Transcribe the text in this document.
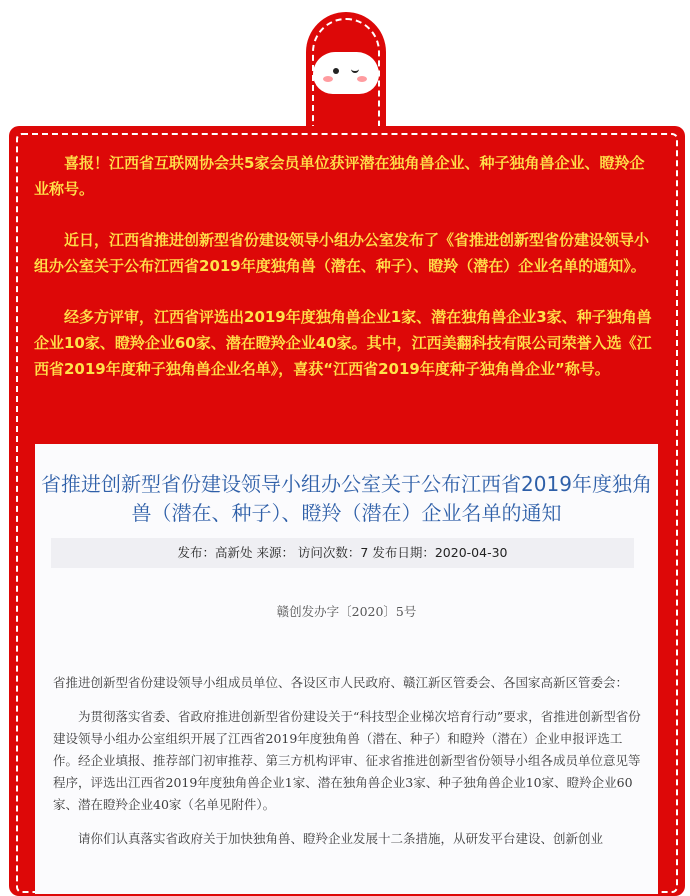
喜报！江西省互联网协会共5家会员单位获评潜在独角兽企业、种子独角兽企业、瞪羚企业称号。

近日，江西省推进创新型省份建设领导小组办公室发布了《省推进创新型省份建设领导小组办公室关于公布江西省2019年度独角兽（潜在、种子）、瞪羚（潜在）企业名单的通知》。

经多方评审，江西省评选出2019年度独角兽企业1家、潜在独角兽企业3家、种子独角兽企业10家、瞪羚企业60家、潜在瞪羚企业40家。其中，江西美翻科技有限公司荣誉入选《江西省2019年度种子独角兽企业名单》，喜获“江西省2019年度种子独角兽企业”称号。

省推进创新型省份建设领导小组办公室关于公布江西省2019年度独角兽（潜在、种子）、瞪羚（潜在）企业名单的通知
发布：高新处 来源： 访问次数：7 发布日期：2020-04-30
赣创发办字〔2020〕5号

省推进创新型省份建设领导小组成员单位、各设区市人民政府、赣江新区管委会、各国家高新区管委会：

为贯彻落实省委、省政府推进创新型省份建设关于“科技型企业梯次培育行动”要求，省推进创新型省份建设领导小组办公室组织开展了江西省2019年度独角兽（潜在、种子）和瞪羚（潜在）企业申报评选工作。经企业填报、推荐部门初审推荐、第三方机构评审、征求省推进创新型省份领导小组各成员单位意见等程序，评选出江西省2019年度独角兽企业1家、潜在独角兽企业3家、种子独角兽企业10家、瞪羚企业60家、潜在瞪羚企业40家（名单见附件）。

请你们认真落实省政府关于加快独角兽、瞪羚企业发展十二条措施，从研发平台建设、创新创业
